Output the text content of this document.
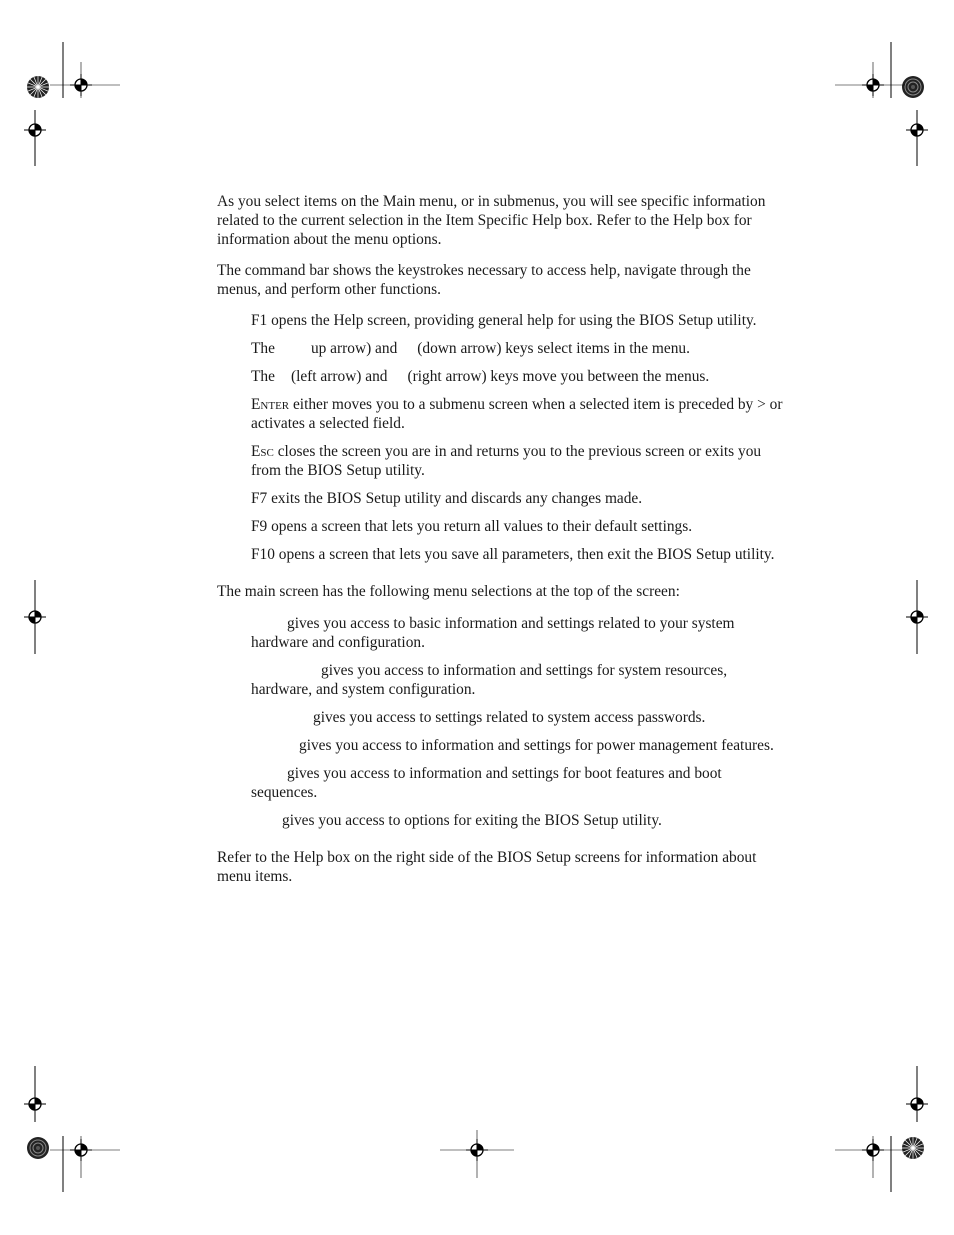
As you select items on the Main menu, or in submenus, you will see specific information related to the current selection in the Item Specific Help box. Refer to the Help box for information about the menu options.

The command bar shows the keystrokes necessary to access help, navigate through the menus, and perform other functions.

F1 opens the Help screen, providing general help for using the BIOS Setup utility.

The up arrow) and (down arrow) keys select items in the menu.

The (left arrow) and (right arrow) keys move you between the menus.

Enter either moves you to a submenu screen when a selected item is preceded by > or activates a selected field.

Esc closes the screen you are in and returns you to the previous screen or exits you from the BIOS Setup utility.

F7 exits the BIOS Setup utility and discards any changes made.

F9 opens a screen that lets you return all values to their default settings.

F10 opens a screen that lets you save all parameters, then exit the BIOS Setup utility.

The main screen has the following menu selections at the top of the screen:

gives you access to basic information and settings related to your system hardware and configuration.

gives you access to information and settings for system resources, hardware, and system configuration.

gives you access to settings related to system access passwords.

gives you access to information and settings for power management features.

gives you access to information and settings for boot features and boot sequences.

gives you access to options for exiting the BIOS Setup utility.

Refer to the Help box on the right side of the BIOS Setup screens for information about menu items.
